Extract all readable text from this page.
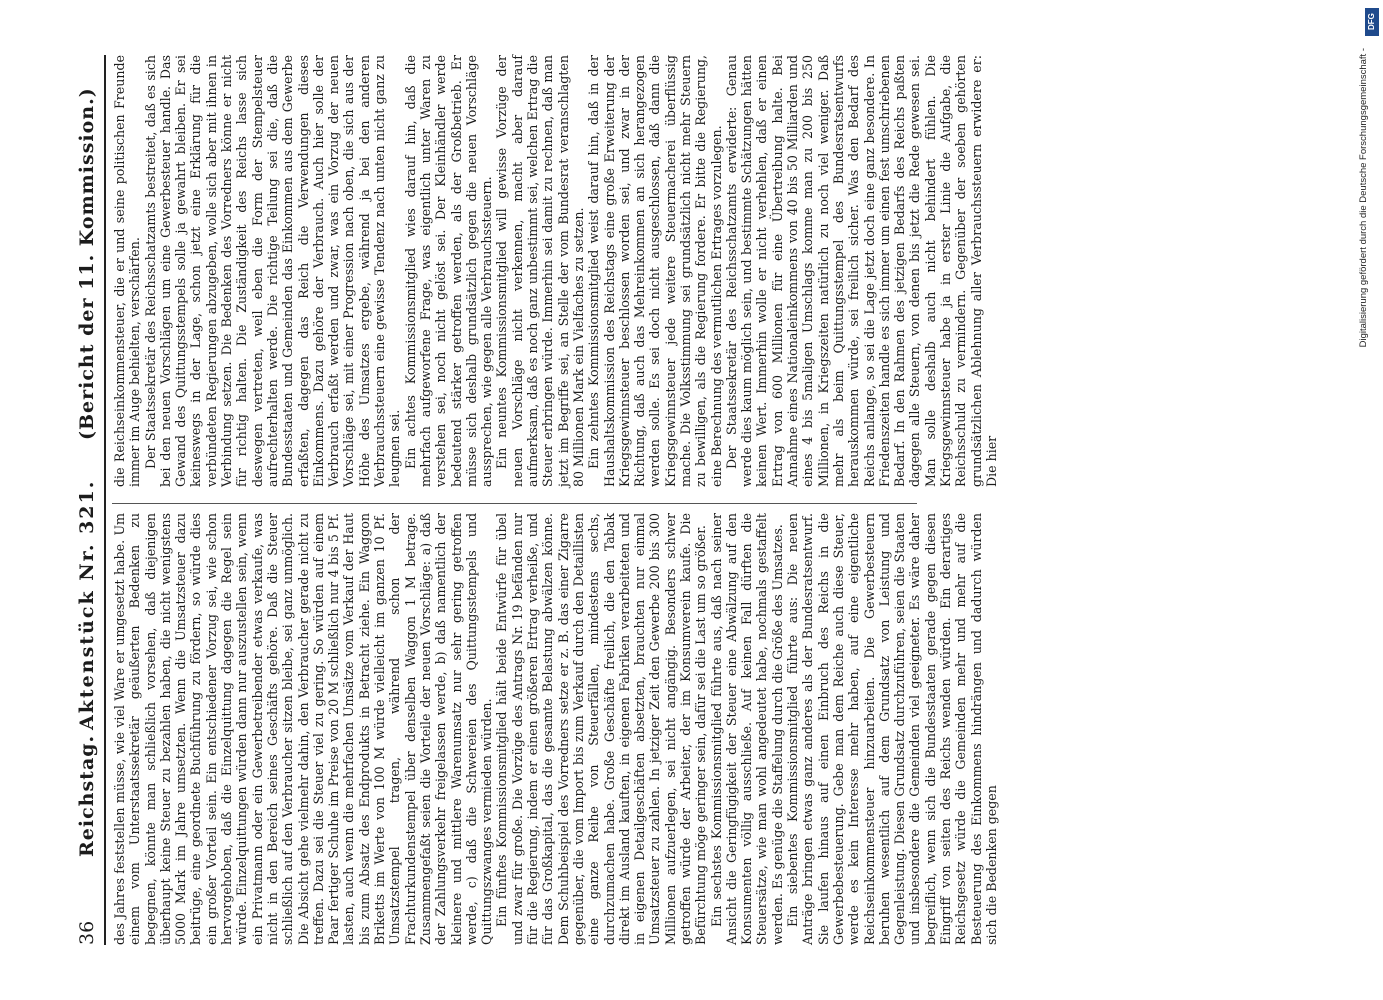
36
Reichstag.
Aktenstück Nr. 321.
(Bericht der 11. Kommission.)

des Jahres feststellen müsse, wie viel Ware er umgesetzt habe. Um einem vom Unterstaatssekretär geäußerten Bedenken zu begegnen, könnte man schließlich vorsehen, daß diejenigen überhaupt keine Steuer zu bezahlen haben, die nicht wenigstens 5000 Mark im Jahre umsetzten. Wenn die Umsatzsteuer dazu beitrüge, eine geordnete Buchführung zu fördern, so würde dies ein großer Vorteil sein. Ein entschiedener Vorzug sei, wie schon hervorgehoben, daß die Einzelquittung dagegen die Regel sein würde. Einzelquittungen würden dann nur auszustellen sein, wenn ein Privatmann oder ein Gewerbetreibender etwas verkaufe, was nicht in den Bereich seines Geschäfts gehöre. Daß die Steuer schließlich auf den Verbraucher sitzen bleibe, sei ganz unmöglich. Die Absicht gehe vielmehr dahin, den Verbraucher gerade nicht zu treffen. Dazu sei die Steuer viel zu gering. So würden auf einem Paar fertiger Schuhe im Preise von 20 M schließlich nur 4 bis 5 Pf. lasten, auch wenn die mehrfachen Umsätze vom Verkauf der Haut bis zum Absatz des Endprodukts in Betracht ziehe. Ein Waggon Briketts im Werte von 100 M würde vielleicht im ganzen 10 Pf. Umsatzstempel tragen, während schon der Frachturkundenstempel über denselben Waggon 1 M betrage. Zusammengefaßt seien die Vorteile der neuen Vorschläge: a) daß der Zahlungsverkehr freigelassen werde, b) daß namentlich der kleinere und mittlere Warenumsatz nur sehr gering getroffen werde, c) daß die Schwereien des Quittungsstempels und Quittungszwanges vermieden würden. Ein fünftes Kommissionsmitglied hält beide Entwürfe für übel und zwar für große. Die Vorzüge des Antrags Nr. 19 befänden nur für die Regierung, indem er einen größeren Ertrag verheiße, und für das Großkapital, das die gesamte Belastung abwälzen könne. Dem Schuhbeispiel des Vorredners setze er z. B. das einer Zigarre gegenüber, die vom Import bis zum Verkauf durch den Detaillisten eine ganze Reihe von Steuerfällen, mindestens sechs, durchzumachen habe. Große Geschäfte freilich, die den Tabak direkt im Ausland kauften, in eigenen Fabriken verarbeiteten und in eigenen Detailgeschäften absetzten, brauchten nur einmal Umsatzsteuer zu zahlen. In jetziger Zeit den Gewerbe 200 bis 300 Millionen aufzuerlegen, sei nicht angängig. Besonders schwer getroffen würde der Arbeiter, der im Konsumverein kaufe. Die Befürchtung möge geringer sein, dafür sei die Last um so größer. Ein sechstes Kommissionsmitglied führte aus, daß nach seiner Ansicht die Geringfügigkeit der Steuer eine Abwälzung auf den Konsumenten völlig ausschließe. Auf keinen Fall dürften die Steuersätze, wie man wohl angedeutet habe, nochmals gestaffelt werden. Es genüge die Staffelung durch die Größe des Umsatzes. Ein siebentes Kommissionsmitglied führte aus: Die neuen Anträge bringen etwas ganz anderes als der Bundesratsentwurf. Sie laufen hinaus auf einen Einbruch des Reichs in die Gewerbebesteuerung. Gebe man dem Reiche auch diese Steuer, werde es kein Interesse mehr haben, auf eine eigentliche Reichseinkommensteuer hinzuarbeiten. Die Gewerbesteuern beruhen wesentlich auf dem Grundsatz von Leistung und Gegenleistung. Diesen Grundsatz durchzuführen, seien die Staaten und insbesondere die Gemeinden viel geeigneter. Es wäre daher begreiflich, wenn sich die Bundesstaaten gerade gegen diesen Eingriff von seiten des Reichs wenden würden. Ein derartiges Reichsgesetz würde die Gemeinden mehr und mehr auf die Besteuerung des Einkommens hindrängen und dadurch würden sich die Bedenken gegen

die Reichseinkommensteuer, die er und seine politischen Freunde immer im Auge behielten, verschärfen. Der Staatssekretär des Reichsschatzamts bestreitet, daß es sich bei den neuen Vorschlägen um eine Gewerbesteuer handle. Das Gewand des Quittungsstempels solle ja gewahrt bleiben. Er sei keineswegs in der Lage, schon jetzt eine Erklärung für die verbündeten Regierungen abzugeben, wolle sich aber mit ihnen in Verbindung setzen. Die Bedenken des Vorredners könne er nicht für richtig halten. Die Zuständigkeit des Reichs lasse sich deswegen vertreten, weil eben die Form der Stempelsteuer aufrechterhalten werde. Die richtige Teilung sei die, daß die Bundesstaaten und Gemeinden das Einkommen aus dem Gewerbe erfaßten, dagegen das Reich die Verwendungen dieses Einkommens. Dazu gehöre der Verbrauch. Auch hier solle der Verbrauch erfaßt werden und zwar, was ein Vorzug der neuen Vorschläge sei, mit einer Progression nach oben, die sich aus der Höhe des Umsatzes ergebe, während ja bei den anderen Verbrauchssteuern eine gewisse Tendenz nach unten nicht ganz zu leugnen sei. Ein achtes Kommissionsmitglied wies darauf hin, daß die mehrfach aufgeworfene Frage, was eigentlich unter Waren zu verstehen sei, noch nicht gelöst sei. Der Kleinhändler werde bedeutend stärker getroffen werden, als der Großbetrieb. Er müsse sich deshalb grundsätzlich gegen die neuen Vorschläge aussprechen, wie gegen alle Verbrauchssteuern. Ein neuntes Kommissionsmitglied will gewisse Vorzüge der neuen Vorschläge nicht verkennen, macht aber darauf aufmerksam, daß es noch ganz unbestimmt sei, welchen Ertrag die Steuer erbringen würde. Immerhin sei damit zu rechnen, daß man jetzt im Begriffe sei, an Stelle der vom Bundesrat veranschlagten 80 Millionen Mark ein Vielfaches zu setzen. Ein zehntes Kommissionsmitglied weist darauf hin, daß in der Haushaltskommission des Reichstags eine große Erweiterung der Kriegsgewinnsteuer beschlossen worden sei, und zwar in der Richtung, daß auch das Mehreinkommen an sich herangezogen werden solle. Es sei doch nicht ausgeschlossen, daß dann die Kriegsgewinnsteuer jede weitere Steuermacherei überflüssig mache. Die Volksstimmung sei grundsätzlich nicht mehr Steuern zu bewilligen, als die Regierung fordere. Er bitte die Regierung, eine Berechnung des vermutlichen Ertrages vorzulegen. Der Staatssekretär des Reichsschatzamts erwiderte: Genau werde dies kaum möglich sein, und bestimmte Schätzungen hätten keinen Wert. Immerhin wolle er nicht verhehlen, daß er einen Ertrag von 600 Millionen für eine Übertreibung halte. Bei Annahme eines Nationaleinkommens von 40 bis 50 Milliarden und eines 4 bis 5maligen Umschlags komme man zu 200 bis 250 Millionen, in Kriegszeiten natürlich zu noch viel weniger. Daß mehr als beim Quittungsstempel des Bundesratsentwurfs herauskommen würde, sei freilich sicher. Was den Bedarf des Reichs anlange, so sei die Lage jetzt doch eine ganz besondere. In Friedenszeiten handle es sich immer um einen fest umschriebenen Bedarf. In den Rahmen des jetzigen Bedarfs des Reichs paßten dagegen alle Steuern, von denen bis jetzt die Rede gewesen sei. Man solle deshalb auch nicht behindert fühlen. Die Kriegsgewinnsteuer habe ja in erster Linie die Aufgabe, die Reichsschuld zu vermindern. Gegenüber der soeben gehörten grundsätzlichen Ablehnung aller Verbrauchssteuern erwidere er: Die hier

DFG
Digitalisierung gefördert durch die Deutsche Forschungsgemeinschaft -
